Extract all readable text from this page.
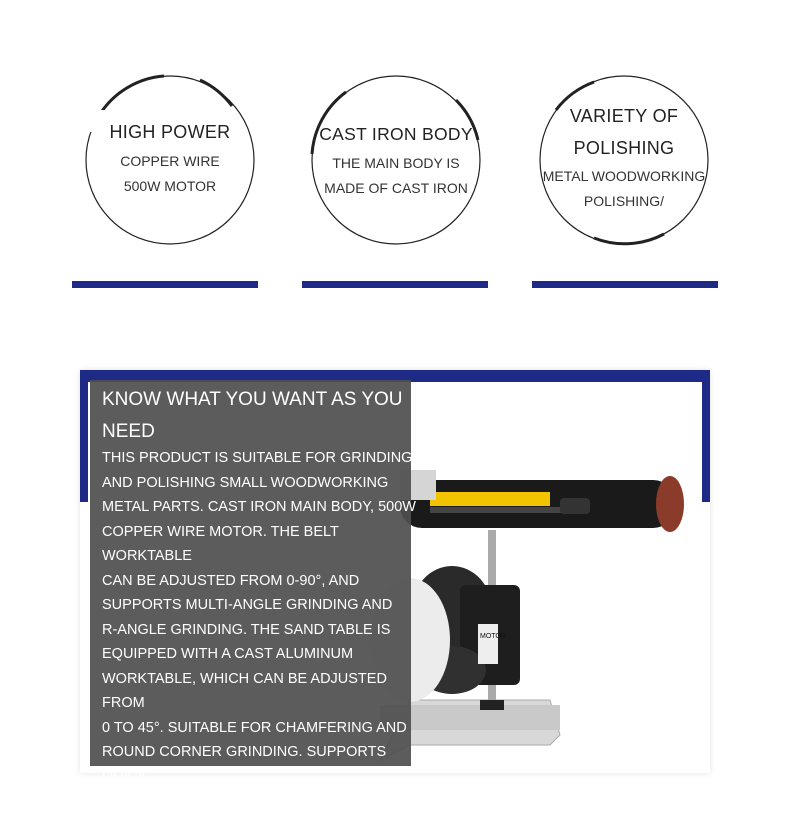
HIGH POWER
COPPER WIRE
500W MOTOR
CAST IRON BODY
THE MAIN BODY IS
MADE OF CAST IRON
VARIETY OF
POLISHING
METAL WOODWORKING
POLISHING/
MOTOR
KNOW WHAT YOU WANT AS YOU NEED
THIS PRODUCT IS SUITABLE FOR GRINDING
AND POLISHING SMALL WOODWORKING
METAL PARTS. CAST IRON MAIN BODY, 500W
COPPER WIRE MOTOR. THE BELT WORKTABLE
CAN BE ADJUSTED FROM 0-90°, AND
SUPPORTS MULTI-ANGLE GRINDING AND
R-ANGLE GRINDING. THE SAND TABLE IS
EQUIPPED WITH A CAST ALUMINUM
WORKTABLE, WHICH CAN BE ADJUSTED FROM
0 TO 45°. SUITABLE FOR CHAMFERING AND
ROUND CORNER GRINDING. SUPPORTS QUICK
REPLACEMENT OF THE ABRASIVE BELT,
CONVENIENT AND QUICK OPERATION.
